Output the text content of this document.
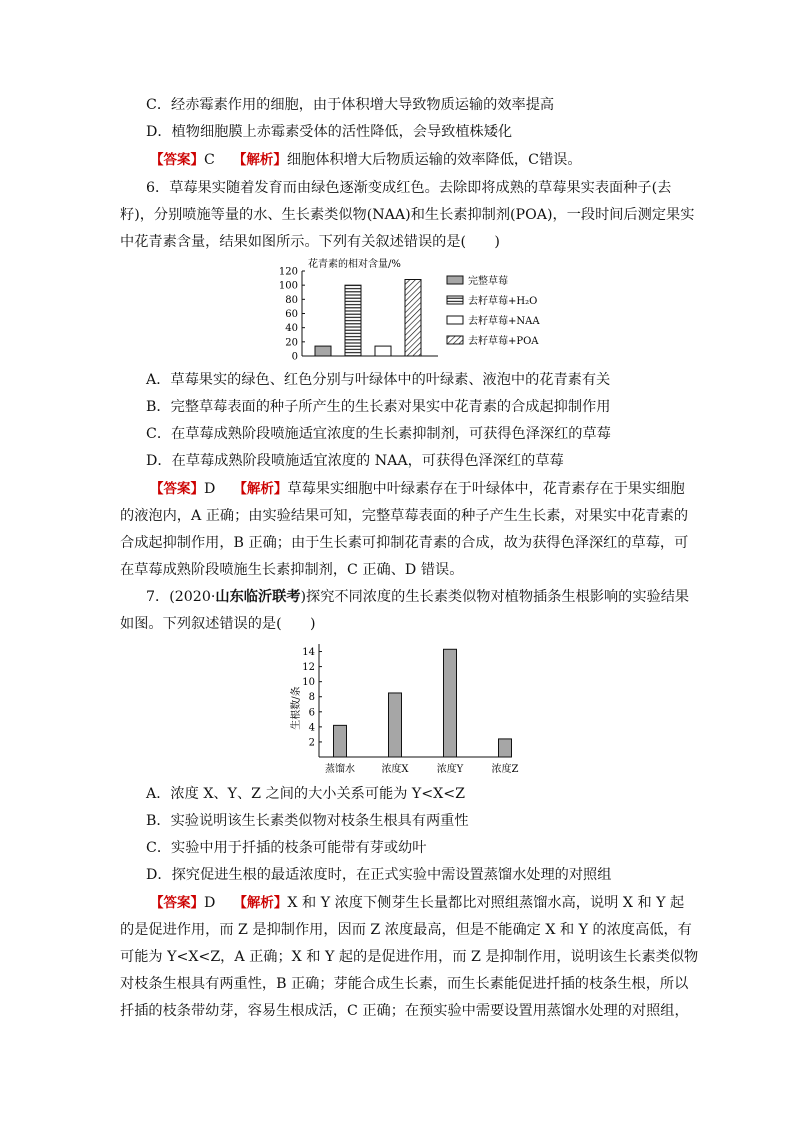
C．经赤霉素作用的细胞，由于体积增大导致物质运输的效率提高
D．植物细胞膜上赤霉素受体的活性降低，会导致植株矮化
【答案】C 【解析】细胞体积增大后物质运输的效率降低，C错误。
6．草莓果实随着发育而由绿色逐渐变成红色。去除即将成熟的草莓果实表面种子(去
籽)，分别喷施等量的水、生长素类似物(NAA)和生长素抑制剂(POA)，一段时间后测定果实
中花青素含量，结果如图所示。下列有关叙述错误的是(　　)
0
20
40
60
80
100
120
完整草莓
去籽草莓+H₂O
去籽草莓+NAA
去籽草莓+POA
花青素的相对含量/%
A．草莓果实的绿色、红色分别与叶绿体中的叶绿素、液泡中的花青素有关
B．完整草莓表面的种子所产生的生长素对果实中花青素的合成起抑制作用
C．在草莓成熟阶段喷施适宜浓度的生长素抑制剂，可获得色泽深红的草莓
D．在草莓成熟阶段喷施适宜浓度的 NAA，可获得色泽深红的草莓
【答案】D 【解析】草莓果实细胞中叶绿素存在于叶绿体中，花青素存在于果实细胞
的液泡内，A 正确；由实验结果可知，完整草莓表面的种子产生生长素，对果实中花青素的
合成起抑制作用，B 正确；由于生长素可抑制花青素的合成，故为获得色泽深红的草莓，可
在草莓成熟阶段喷施生长素抑制剂，C 正确、D 错误。
7．(2020·山东临沂联考)探究不同浓度的生长素类似物对植物插条生根影响的实验结果
如图。下列叙述错误的是(　　)
2
4
6
8
10
12
14
蒸馏水	浓度X	浓度Y	浓度Z
生根数/条
A．浓度 X、Y、Z 之间的大小关系可能为 Y<X<Z
B．实验说明该生长素类似物对枝条生根具有两重性
C．实验中用于扦插的枝条可能带有芽或幼叶
D．探究促进生根的最适浓度时，在正式实验中需设置蒸馏水处理的对照组
【答案】D 【解析】X 和 Y 浓度下侧芽生长量都比对照组蒸馏水高，说明 X 和 Y 起
的是促进作用，而 Z 是抑制作用，因而 Z 浓度最高，但是不能确定 X 和 Y 的浓度高低，有
可能为 Y<X<Z，A 正确；X 和 Y 起的是促进作用，而 Z 是抑制作用，说明该生长素类似物
对枝条生根具有两重性，B 正确；芽能合成生长素，而生长素能促进扦插的枝条生根，所以
扦插的枝条带幼芽，容易生根成活，C 正确；在预实验中需要设置用蒸馏水处理的对照组，
